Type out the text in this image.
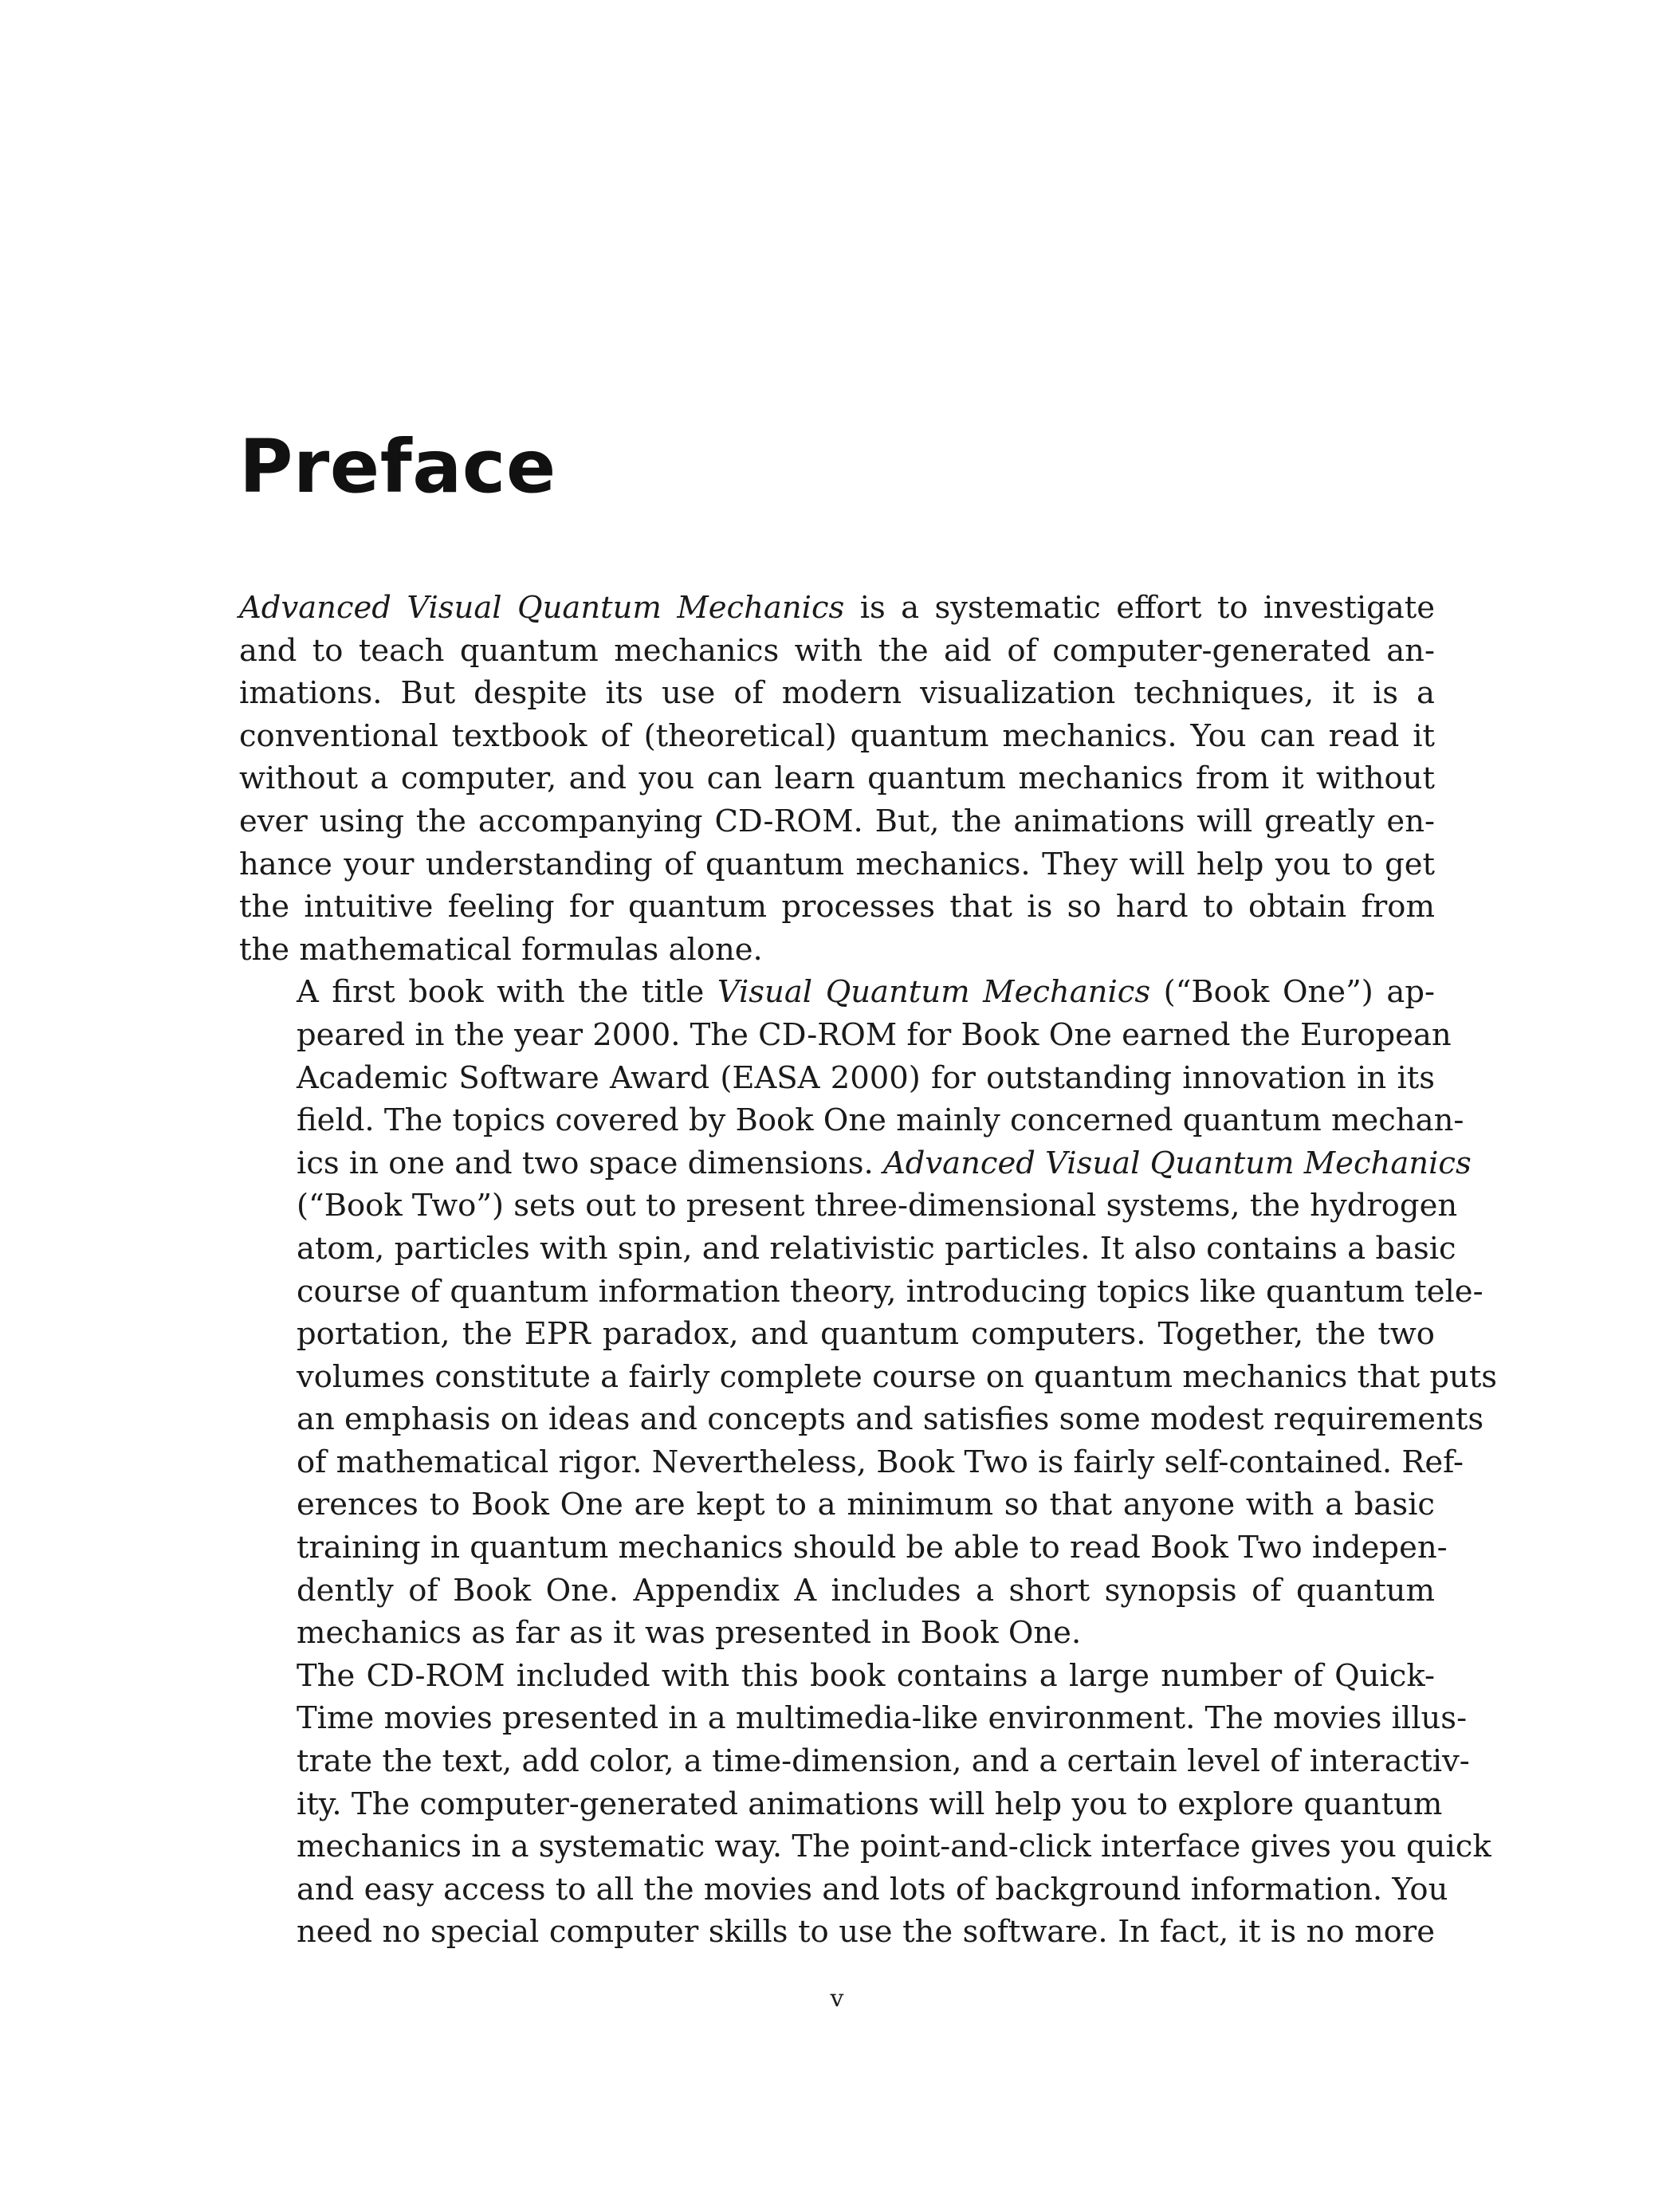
Preface

Advanced Visual Quantum Mechanics is a systematic effort to investigate
and to teach quantum mechanics with the aid of computer-generated an-
imations. But despite its use of modern visualization techniques, it is a
conventional textbook of (theoretical) quantum mechanics. You can read it
without a computer, and you can learn quantum mechanics from it without
ever using the accompanying CD-ROM. But, the animations will greatly en-
hance your understanding of quantum mechanics. They will help you to get
the intuitive feeling for quantum processes that is so hard to obtain from
the mathematical formulas alone.

A first book with the title Visual Quantum Mechanics (“Book One”) ap-
peared in the year 2000. The CD-ROM for Book One earned the European
Academic Software Award (EASA 2000) for outstanding innovation in its
field. The topics covered by Book One mainly concerned quantum mechan-
ics in one and two space dimensions. Advanced Visual Quantum Mechanics
(“Book Two”) sets out to present three-dimensional systems, the hydrogen
atom, particles with spin, and relativistic particles. It also contains a basic
course of quantum information theory, introducing topics like quantum tele-
portation, the EPR paradox, and quantum computers. Together, the two
volumes constitute a fairly complete course on quantum mechanics that puts
an emphasis on ideas and concepts and satisfies some modest requirements
of mathematical rigor. Nevertheless, Book Two is fairly self-contained. Ref-
erences to Book One are kept to a minimum so that anyone with a basic
training in quantum mechanics should be able to read Book Two indepen-
dently of Book One. Appendix A includes a short synopsis of quantum
mechanics as far as it was presented in Book One.

The CD-ROM included with this book contains a large number of Quick-
Time movies presented in a multimedia-like environment. The movies illus-
trate the text, add color, a time-dimension, and a certain level of interactiv-
ity. The computer-generated animations will help you to explore quantum
mechanics in a systematic way. The point-and-click interface gives you quick
and easy access to all the movies and lots of background information. You
need no special computer skills to use the software. In fact, it is no more

v
